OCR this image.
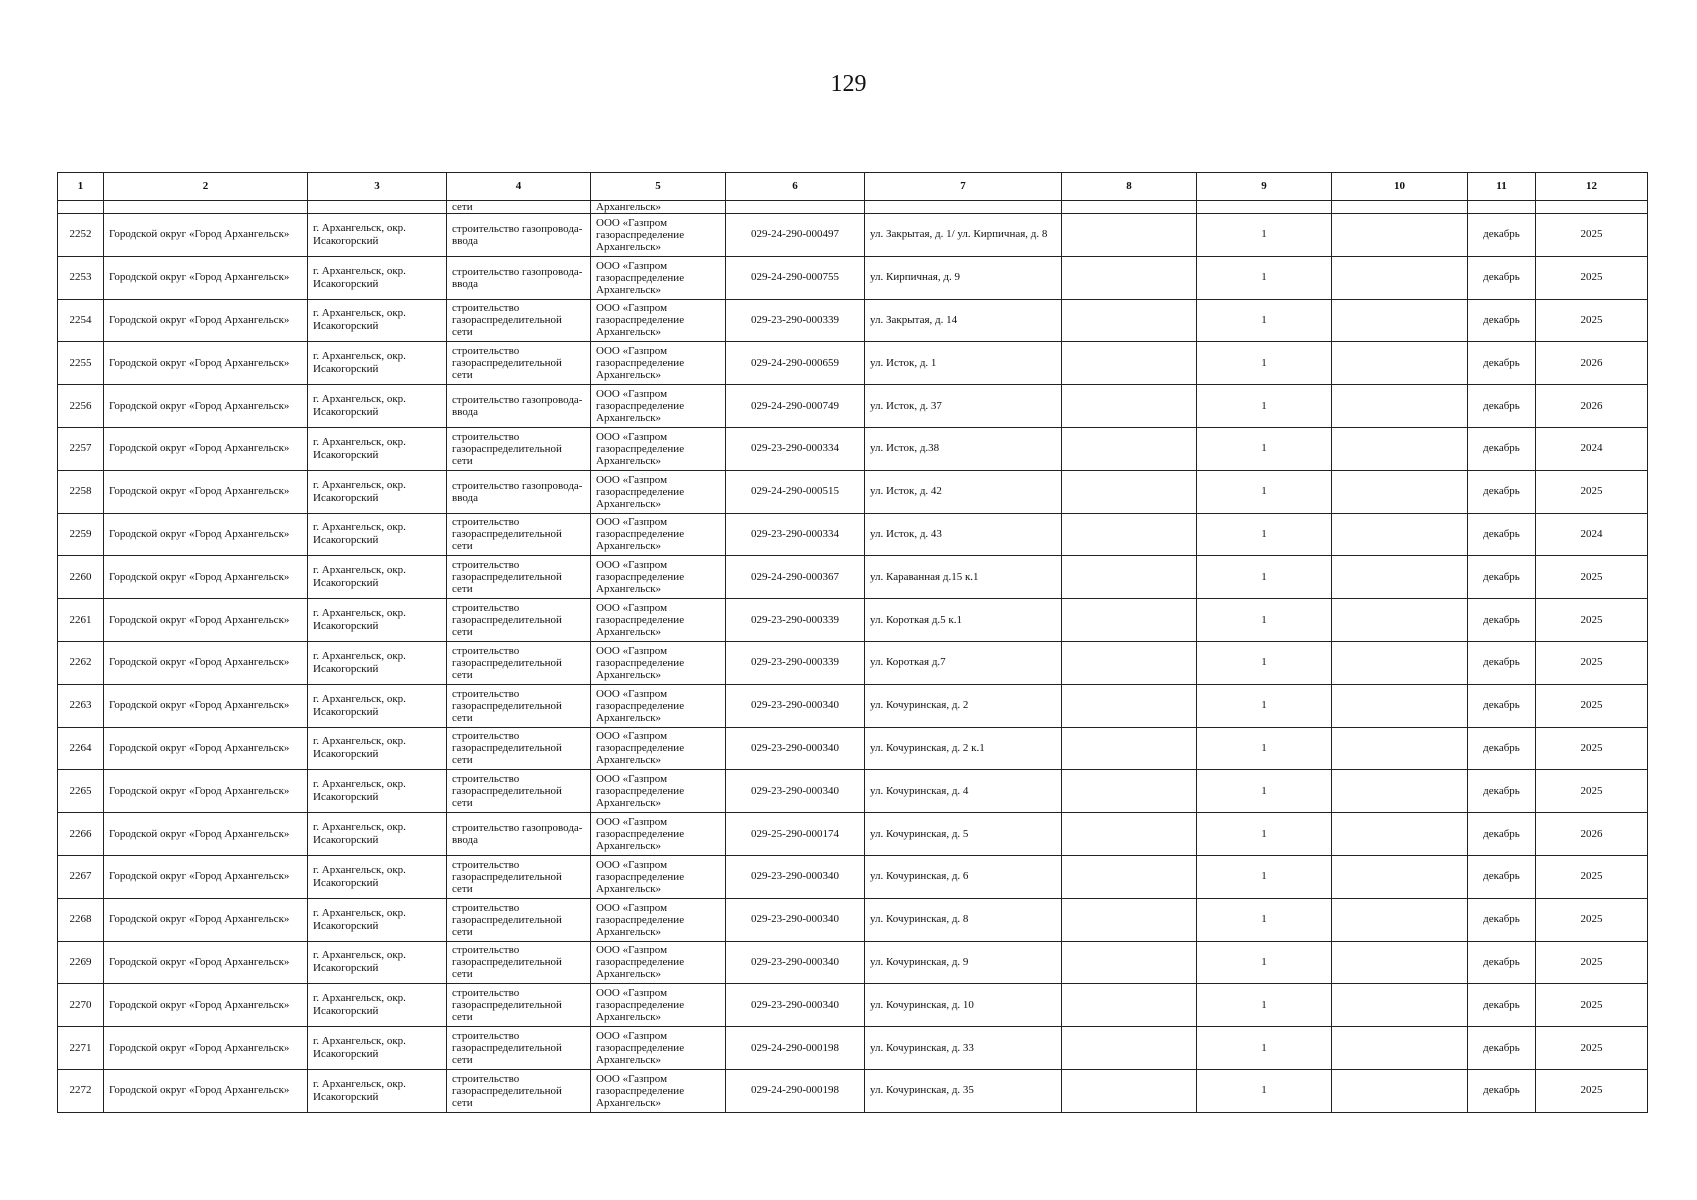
129
1	2	3	4	5	6	7	8	9	10	11	12
			сети	Архангельск»							
2252	Городской округ «Город Архангельск»	г. Архангельск, окр. Исакогорский	строительство газопровода-ввода	ООО «Газпром газораспределение Архангельск»	029-24-290-000497	ул. Закрытая, д. 1/ ул. Кирпичная, д. 8		1		декабрь	2025
2253	Городской округ «Город Архангельск»	г. Архангельск, окр. Исакогорский	строительство газопровода-ввода	ООО «Газпром газораспределение Архангельск»	029-24-290-000755	ул. Кирпичная, д. 9		1		декабрь	2025
2254	Городской округ «Город Архангельск»	г. Архангельск, окр. Исакогорский	строительство газораспределительной сети	ООО «Газпром газораспределение Архангельск»	029-23-290-000339	ул. Закрытая, д. 14		1		декабрь	2025
2255	Городской округ «Город Архангельск»	г. Архангельск, окр. Исакогорский	строительство газораспределительной сети	ООО «Газпром газораспределение Архангельск»	029-24-290-000659	ул. Исток, д. 1		1		декабрь	2026
2256	Городской округ «Город Архангельск»	г. Архангельск, окр. Исакогорский	строительство газопровода-ввода	ООО «Газпром газораспределение Архангельск»	029-24-290-000749	ул. Исток, д. 37		1		декабрь	2026
2257	Городской округ «Город Архангельск»	г. Архангельск, окр. Исакогорский	строительство газораспределительной сети	ООО «Газпром газораспределение Архангельск»	029-23-290-000334	ул. Исток, д.38		1		декабрь	2024
2258	Городской округ «Город Архангельск»	г. Архангельск, окр. Исакогорский	строительство газопровода-ввода	ООО «Газпром газораспределение Архангельск»	029-24-290-000515	ул. Исток, д. 42		1		декабрь	2025
2259	Городской округ «Город Архангельск»	г. Архангельск, окр. Исакогорский	строительство газораспределительной сети	ООО «Газпром газораспределение Архангельск»	029-23-290-000334	ул. Исток, д. 43		1		декабрь	2024
2260	Городской округ «Город Архангельск»	г. Архангельск, окр. Исакогорский	строительство газораспределительной сети	ООО «Газпром газораспределение Архангельск»	029-24-290-000367	ул. Караванная д.15 к.1		1		декабрь	2025
2261	Городской округ «Город Архангельск»	г. Архангельск, окр. Исакогорский	строительство газораспределительной сети	ООО «Газпром газораспределение Архангельск»	029-23-290-000339	ул. Короткая д.5 к.1		1		декабрь	2025
2262	Городской округ «Город Архангельск»	г. Архангельск, окр. Исакогорский	строительство газораспределительной сети	ООО «Газпром газораспределение Архангельск»	029-23-290-000339	ул. Короткая д.7		1		декабрь	2025
2263	Городской округ «Город Архангельск»	г. Архангельск, окр. Исакогорский	строительство газораспределительной сети	ООО «Газпром газораспределение Архангельск»	029-23-290-000340	ул. Кочуринская, д. 2		1		декабрь	2025
2264	Городской округ «Город Архангельск»	г. Архангельск, окр. Исакогорский	строительство газораспределительной сети	ООО «Газпром газораспределение Архангельск»	029-23-290-000340	ул. Кочуринская, д. 2 к.1		1		декабрь	2025
2265	Городской округ «Город Архангельск»	г. Архангельск, окр. Исакогорский	строительство газораспределительной сети	ООО «Газпром газораспределение Архангельск»	029-23-290-000340	ул. Кочуринская, д. 4		1		декабрь	2025
2266	Городской округ «Город Архангельск»	г. Архангельск, окр. Исакогорский	строительство газопровода-ввода	ООО «Газпром газораспределение Архангельск»	029-25-290-000174	ул. Кочуринская, д. 5		1		декабрь	2026
2267	Городской округ «Город Архангельск»	г. Архангельск, окр. Исакогорский	строительство газораспределительной сети	ООО «Газпром газораспределение Архангельск»	029-23-290-000340	ул. Кочуринская, д. 6		1		декабрь	2025
2268	Городской округ «Город Архангельск»	г. Архангельск, окр. Исакогорский	строительство газораспределительной сети	ООО «Газпром газораспределение Архангельск»	029-23-290-000340	ул. Кочуринская, д. 8		1		декабрь	2025
2269	Городской округ «Город Архангельск»	г. Архангельск, окр. Исакогорский	строительство газораспределительной сети	ООО «Газпром газораспределение Архангельск»	029-23-290-000340	ул. Кочуринская, д. 9		1		декабрь	2025
2270	Городской округ «Город Архангельск»	г. Архангельск, окр. Исакогорский	строительство газораспределительной сети	ООО «Газпром газораспределение Архангельск»	029-23-290-000340	ул. Кочуринская, д. 10		1		декабрь	2025
2271	Городской округ «Город Архангельск»	г. Архангельск, окр. Исакогорский	строительство газораспределительной сети	ООО «Газпром газораспределение Архангельск»	029-24-290-000198	ул. Кочуринская, д. 33		1		декабрь	2025
2272	Городской округ «Город Архангельск»	г. Архангельск, окр. Исакогорский	строительство газораспределительной сети	ООО «Газпром газораспределение Архангельск»	029-24-290-000198	ул. Кочуринская, д. 35		1		декабрь	2025
